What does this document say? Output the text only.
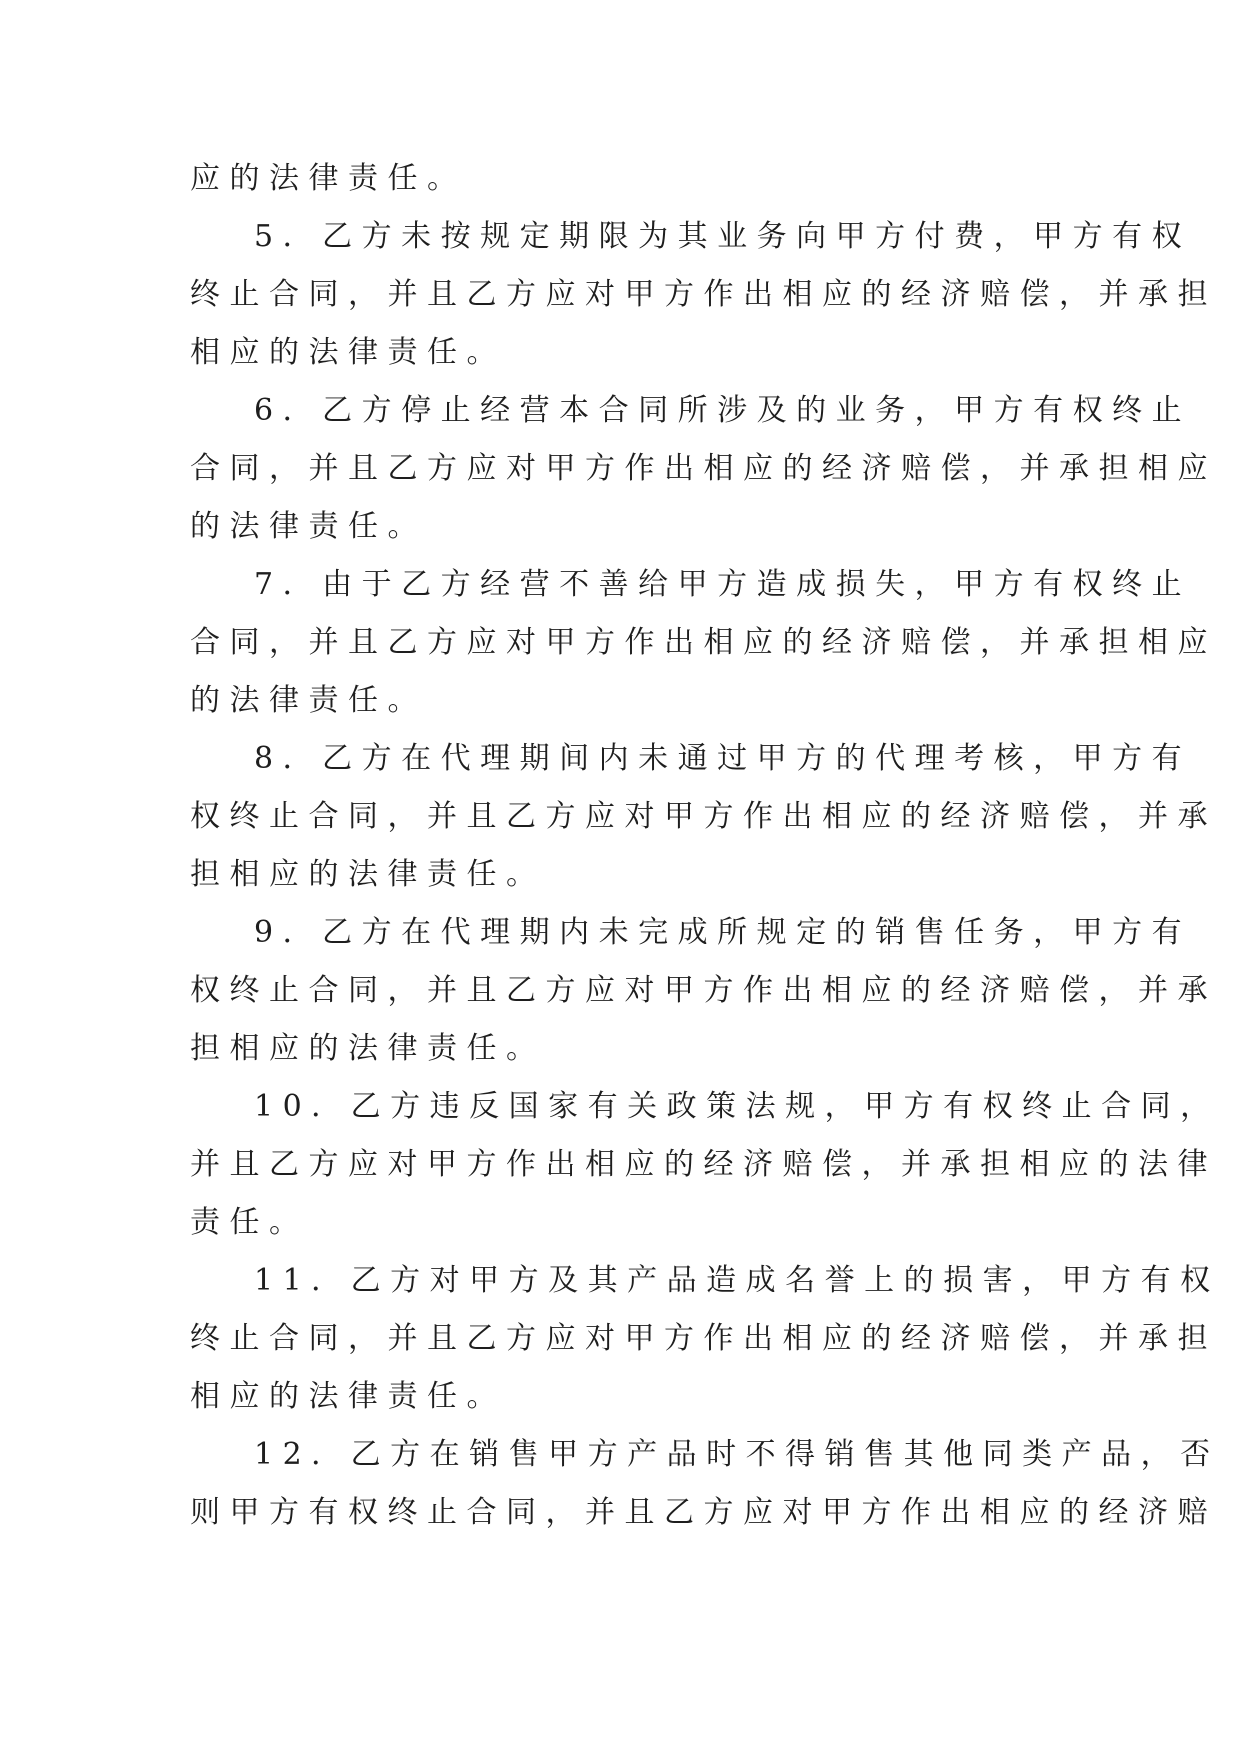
应的法律责任。
5．乙方未按规定期限为其业务向甲方付费，甲方有权
终止合同，并且乙方应对甲方作出相应的经济赔偿，并承担
相应的法律责任。
6．乙方停止经营本合同所涉及的业务，甲方有权终止
合同，并且乙方应对甲方作出相应的经济赔偿，并承担相应
的法律责任。
7．由于乙方经营不善给甲方造成损失，甲方有权终止
合同，并且乙方应对甲方作出相应的经济赔偿，并承担相应
的法律责任。
8．乙方在代理期间内未通过甲方的代理考核，甲方有
权终止合同，并且乙方应对甲方作出相应的经济赔偿，并承
担相应的法律责任。
9．乙方在代理期内未完成所规定的销售任务，甲方有
权终止合同，并且乙方应对甲方作出相应的经济赔偿，并承
担相应的法律责任。
10．乙方违反国家有关政策法规，甲方有权终止合同，
并且乙方应对甲方作出相应的经济赔偿，并承担相应的法律
责任。
11．乙方对甲方及其产品造成名誉上的损害，甲方有权
终止合同，并且乙方应对甲方作出相应的经济赔偿，并承担
相应的法律责任。
12．乙方在销售甲方产品时不得销售其他同类产品，否
则甲方有权终止合同，并且乙方应对甲方作出相应的经济赔
